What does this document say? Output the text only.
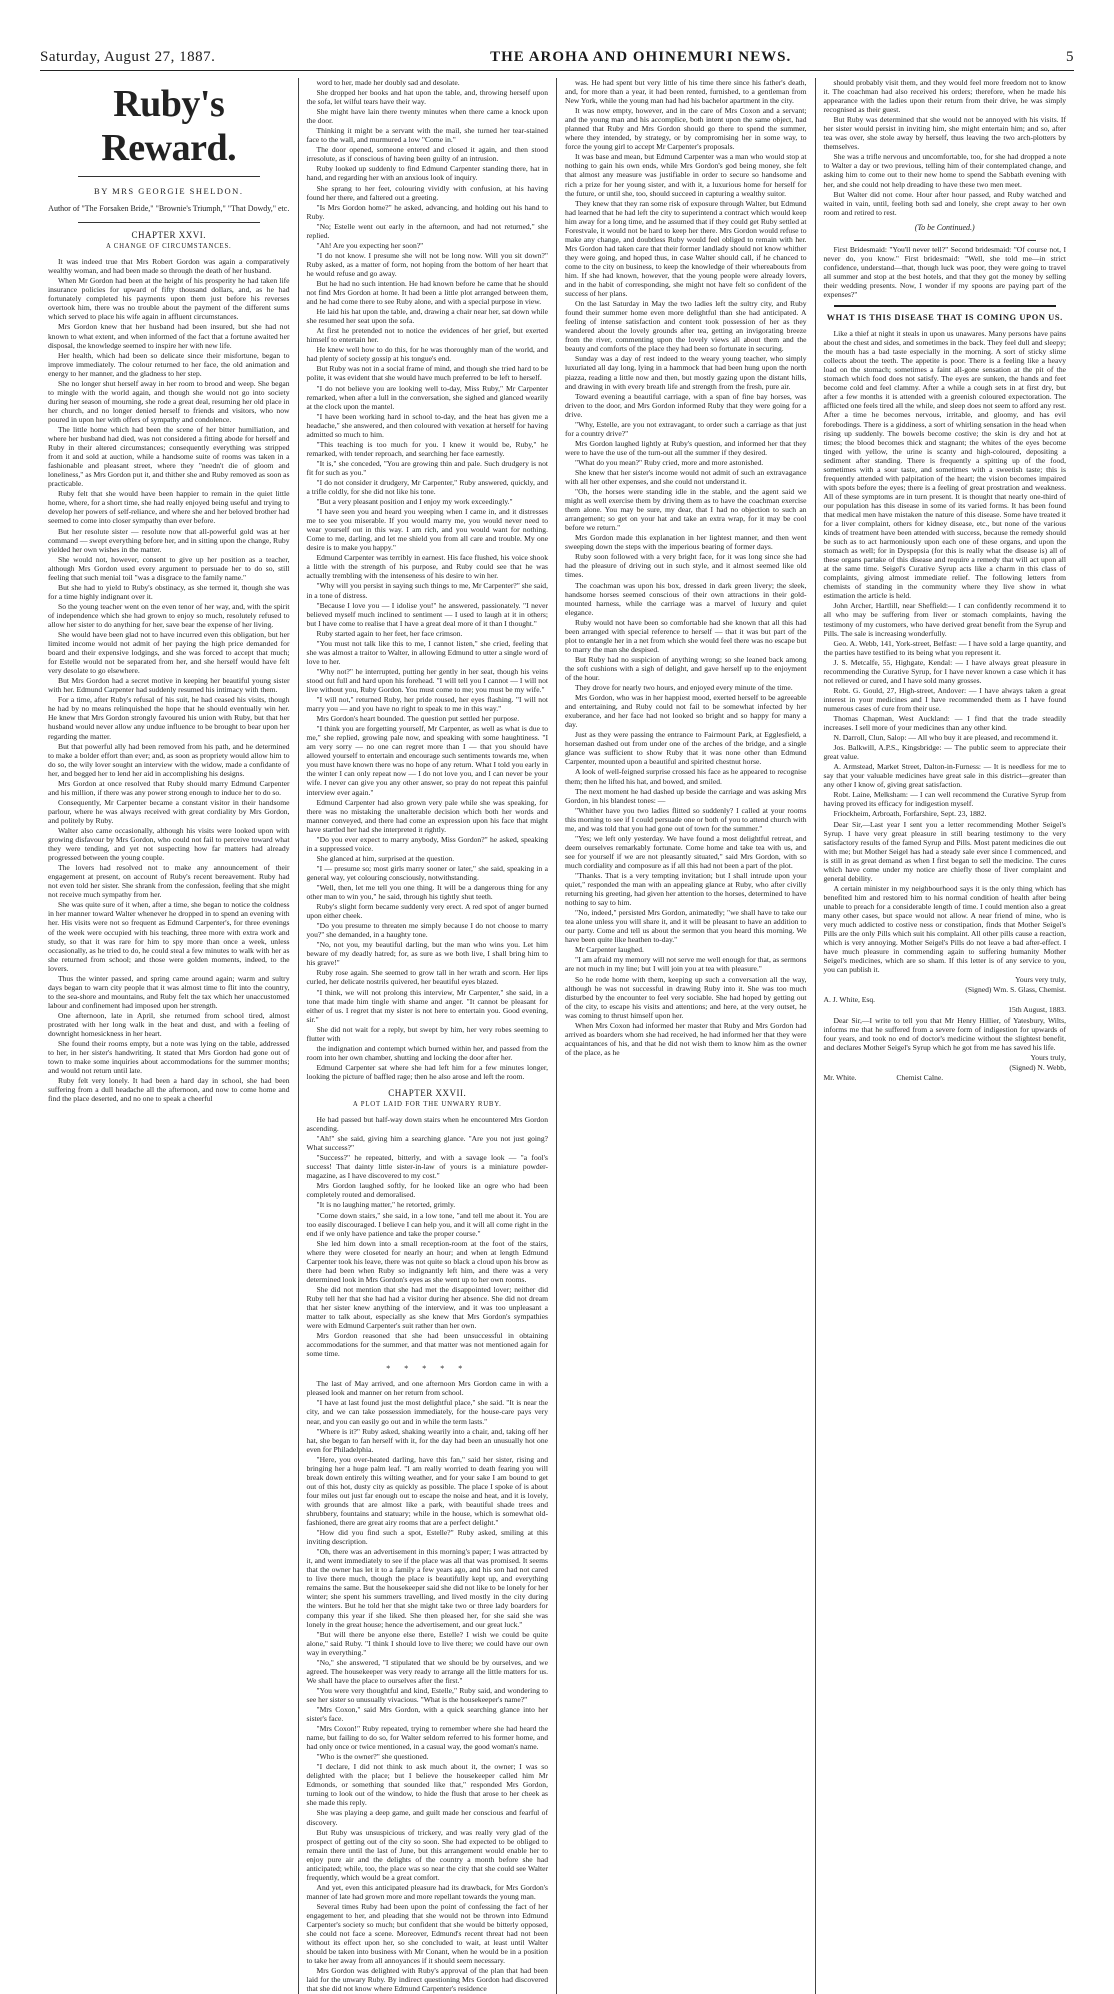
Saturday, August 27, 1887.	THE AROHA AND OHINEMURI NEWS.	5
Ruby's Reward.
BY MRS GEORGIE SHELDON.
Author of "The Forsaken Bride," "Brownie's Triumph," "That Dowdy," etc.
CHAPTER XXVI.
A CHANGE OF CIRCUMSTANCES.

It was indeed true that Mrs Robert Gordon was again a comparatively wealthy woman, and had been made so through the death of her husband.

When Mr Gordon had been at the height of his prosperity he had taken life insurance policies for upward of fifty thousand dollars, and, as he had fortunately completed his payments upon them just before his reverses overtook him, there was no trouble about the payment of the different sums which served to place his wife again in affluent circumstances.

Mrs Gordon knew that her husband had been insured, but she had not known to what extent, and when informed of the fact that a fortune awaited her disposal, the knowledge seemed to inspire her with new life.

Her health, which had been so delicate since their misfortune, began to improve immediately. The colour returned to her face, the old animation and energy to her manner, and the gladness to her step.

She no longer shut herself away in her room to brood and weep. She began to mingle with the world again, and though she would not go into society during her season of mourning, she rode a great deal, resuming her old place in her church, and no longer denied herself to friends and visitors, who now poured in upon her with offers of sympathy and condolence.

The little home which had been the scene of her bitter humiliation, and where her husband had died, was not considered a fitting abode for herself and Ruby in their altered circumstances; consequently everything was stripped from it and sold at auction, while a handsome suite of rooms was taken in a fashionable and pleasant street, where they "needn't die of gloom and loneliness," as Mrs Gordon put it, and thither she and Ruby removed as soon as practicable.

Ruby felt that she would have been happier to remain in the quiet little home, where, for a short time, she had really enjoyed being useful and trying to develop her powers of self-reliance, and where she and her beloved brother had seemed to come into closer sympathy than ever before.

But her resolute sister — resolute now that all-powerful gold was at her command — swept everything before her, and in sitting upon the change, Ruby yielded her own wishes in the matter.

She would not, however, consent to give up her position as a teacher, although Mrs Gordon used every argument to persuade her to do so, still feeling that such menial toil "was a disgrace to the family name."

But she had to yield to Ruby's obstinacy, as she termed it, though she was for a time highly indignant over it.

So the young teacher went on the even tenor of her way, and, with the spirit of independence which she had grown to enjoy so much, resolutely refused to allow her sister to do anything for her, save bear the expense of her living.

She would have been glad not to have incurred even this obligation, but her limited income would not admit of her paying the high price demanded for board and their expensive lodgings, and she was forced to accept that much; for Estelle would not be separated from her, and she herself would have felt very desolate to go elsewhere.

But Mrs Gordon had a secret motive in keeping her beautiful young sister with her. Edmund Carpenter had suddenly resumed his intimacy with them.

For a time, after Ruby's refusal of his suit, he had ceased his visits, though he had by no means relinquished the hope that he should eventually win her. He knew that Mrs Gordon strongly favoured his union with Ruby, but that her husband would never allow any undue influence to be brought to bear upon her regarding the matter.

But that powerful ally had been removed from his path, and he determined to make a bolder effort than ever; and, as soon as propriety would allow him to do so, the wily lover sought an interview with the widow, made a confidante of her, and begged her to lend her aid in accomplishing his designs.

Mrs Gordon at once resolved that Ruby should marry Edmund Carpenter and his million, if there was any power strong enough to induce her to do so.

Consequently, Mr Carpenter became a constant visitor in their handsome parlour, where he was always received with great cordiality by Mrs Gordon, and politely by Ruby.

Walter also came occasionally, although his visits were looked upon with growing disfavour by Mrs Gordon, who could not fail to perceive toward what they were tending, and yet not suspecting how far matters had already progressed between the young couple.

The lovers had resolved not to make any announcement of their engagement at present, on account of Ruby's recent bereavement. Ruby had not even told her sister. She shrank from the confession, feeling that she might not receive much sympathy from her.

She was quite sure of it when, after a time, she began to notice the coldness in her manner toward Walter whenever he dropped in to spend an evening with her. His visits were not so frequent as Edmund Carpenter's, for three evenings of the week were occupied with his teaching, three more with extra work and study, so that it was rare for him to spy more than once a week, unless occasionally, as he tried to do, he could steal a few minutes to walk with her as she returned from school; and those were golden moments, indeed, to the lovers.

Thus the winter passed, and spring came around again; warm and sultry days began to warn city people that it was almost time to flit into the country, to the sea-shore and mountains, and Ruby felt the tax which her unaccustomed labour and confinement had imposed upon her strength.

One afternoon, late in April, she returned from school tired, almost prostrated with her long walk in the heat and dust, and with a feeling of downright homesickness in her heart.

She found their rooms empty, but a note was lying on the table, addressed to her, in her sister's handwriting. It stated that Mrs Gordon had gone out of town to make some inquiries about accommodations for the summer months; and would not return until late.

Ruby felt very lonely. It had been a hard day in school, she had been suffering from a dull headache all the afternoon, and now to come home and find the place deserted, and no one to speak a cheerful

word to her, made her doubly sad and desolate.

She dropped her books and hat upon the table, and, throwing herself upon the sofa, let wilful tears have their way.

She might have lain there twenty minutes when there came a knock upon the door.

Thinking it might be a servant with the mail, she turned her tear-stained face to the wall, and murmured a low "Come in."

The door opened, someone entered and closed it again, and then stood irresolute, as if conscious of having been guilty of an intrusion.

Ruby looked up suddenly to find Edmund Carpenter standing there, hat in hand, and regarding her with an anxious look of inquiry.

She sprang to her feet, colouring vividly with confusion, at his having found her there, and faltered out a greeting.

"Is Mrs Gordon home?" he asked, advancing, and holding out his hand to Ruby.

"No; Estelle went out early in the afternoon, and had not returned," she replied.

"Ah! Are you expecting her soon?"

"I do not know. I presume she will not be long now. Will you sit down?" Ruby asked, as a matter of form, not hoping from the bottom of her heart that he would refuse and go away.

But he had no such intention. He had known before he came that he should not find Mrs Gordon at home. It had been a little plot arranged between them, and he had come there to see Ruby alone, and with a special purpose in view.

He laid his hat upon the table, and, drawing a chair near her, sat down while she resumed her seat upon the sofa.

At first he pretended not to notice the evidences of her grief, but exerted himself to entertain her.

He knew well how to do this, for he was thoroughly man of the world, and had plenty of society gossip at his tongue's end.

But Ruby was not in a social frame of mind, and though she tried hard to be polite, it was evident that she would have much preferred to be left to herself.

"I do not believe you are looking well to-day, Miss Ruby," Mr Carpenter remarked, when after a lull in the conversation, she sighed and glanced wearily at the clock upon the mantel.

"I have been working hard in school to-day, and the heat has given me a headache," she answered, and then coloured with vexation at herself for having admitted so much to him.

"This teaching is too much for you. I knew it would be, Ruby," he remarked, with tender reproach, and searching her face earnestly.

"It is," she conceded, "You are growing thin and pale. Such drudgery is not fit for such as you."

"I do not consider it drudgery, Mr Carpenter," Ruby answered, quickly, and a trifle coldly, for she did not like his tone.

"But a very pleasant position and I enjoy my work exceedingly."

"I have seen you and heard you weeping when I came in, and it distresses me to see you miserable. If you would marry me, you would never need to wear yourself out in this way. I am rich, and you would want for nothing. Come to me, darling, and let me shield you from all care and trouble. My one desire is to make you happy."

Edmund Carpenter was terribly in earnest. His face flushed, his voice shook a little with the strength of his purpose, and Ruby could see that he was actually trembling with the intenseness of his desire to win her.

"Why will you persist in saying such things to me, Mr Carpenter?" she said, in a tone of distress.

"Because I love you — I idolise you!" he answered, passionately. "I never believed myself much inclined to sentiment — I used to laugh at it in others; but I have come to realise that I have a great deal more of it than I thought."

Ruby started again to her feet, her face crimson.

"You must not talk like this to me, I cannot listen," she cried, feeling that she was almost a traitor to Walter, in allowing Edmund to utter a single word of love to her.

"Why not?" he interrupted, putting her gently in her seat, though his veins stood out full and hard upon his forehead. "I will tell you I cannot — I will not live without you, Ruby Gordon. You must come to me; you must be my wife."

"I will not," returned Ruby, her pride roused, her eyes flashing. "I will not marry you — and you have no right to speak to me in this way."

Mrs Gordon's heart bounded. The question put settled her purpose.

"I think you are forgetting yourself, Mr Carpenter, as well as what is due to me," she replied, growing pale now, and speaking with some haughtiness. "I am very sorry — no one can regret more than I — that you should have allowed yourself to entertain and encourage such sentiments towards me, when you must have known there was no hope of any return. What I told you early in the winter I can only repeat now — I do not love you, and I can never be your wife. I never can give you any other answer, so pray do not repeat this painful interview ever again."

Edmund Carpenter had also grown very pale while she was speaking, for there was no mistaking the unalterable decision which both her words and manner conveyed, and there had come an expression upon his face that might have startled her had she interpreted it rightly.

"Do you ever expect to marry anybody, Miss Gordon?" he asked, speaking in a suppressed voice.

She glanced at him, surprised at the question.

"I — presume so; most girls marry sooner or later," she said, speaking in a general way, yet colouring consciously, notwithstanding.

"Well, then, let me tell you one thing. It will be a dangerous thing for any other man to win you," he said, through his tightly shut teeth.

Ruby's slight form became suddenly very erect. A red spot of anger burned upon either cheek.

"Do you presume to threaten me simply because I do not choose to marry you?" she demanded, in a haughty tone.

"No, not you, my beautiful darling, but the man who wins you. Let him beware of my deadly hatred; for, as sure as we both live, I shall bring him to his grave!"

Ruby rose again. She seemed to grow tall in her wrath and scorn. Her lips curled, her delicate nostrils quivered, her beautiful eyes blazed.

"I think, we will not prolong this interview, Mr Carpenter," she said, in a tone that made him tingle with shame and anger. "It cannot be pleasant for either of us. I regret that my sister is not here to entertain you. Good evening, sir."

She did not wait for a reply, but swept by him, her very robes seeming to flutter with

the indignation and contempt which burned within her, and passed from the room into her own chamber, shutting and locking the door after her.

Edmund Carpenter sat where she had left him for a few minutes longer, looking the picture of baffled rage; then he also arose and left the room.

CHAPTER XXVII.
A PLOT LAID FOR THE UNWARY RUBY.

He had passed but half-way down stairs when he encountered Mrs Gordon ascending.

"Ah!" she said, giving him a searching glance. "Are you not just going? What success?"

"Success?" he repeated, bitterly, and with a savage look — "a fool's success! That dainty little sister-in-law of yours is a miniature powder-magazine, as I have discovered to my cost."

Mrs Gordon laughed softly, for he looked like an ogre who had been completely routed and demoralised.

"It is no laughing matter," he retorted, grimly.

"Come down stairs," she said, in a low tone, "and tell me about it. You are too easily discouraged. I believe I can help you, and it will all come right in the end if we only have patience and take the proper course."

She led him down into a small reception-room at the foot of the stairs, where they were closeted for nearly an hour; and when at length Edmund Carpenter took his leave, there was not quite so black a cloud upon his brow as there had been when Ruby so indignantly left him, and there was a very determined look in Mrs Gordon's eyes as she went up to her own rooms.

She did not mention that she had met the disappointed lover; neither did Ruby tell her that she had had a visitor during her absence. She did not dream that her sister knew anything of the interview, and it was too unpleasant a matter to talk about, especially as she knew that Mrs Gordon's sympathies were with Edmund Carpenter's suit rather than her own.

Mrs Gordon reasoned that she had been unsuccessful in obtaining accommodations for the summer, and that matter was not mentioned again for some time.

* * * * *

The last of May arrived, and one afternoon Mrs Gordon came in with a pleased look and manner on her return from school.

"I have at last found just the most delightful place," she said. "It is near the city, and we can take possession immediately, for the house-care pays very near, and you can easily go out and in while the term lasts."

"Where is it?" Ruby asked, shaking wearily into a chair, and, taking off her hat, she began to fan herself with it, for the day had been an unusually hot one even for Philadelphia.

"Here, you over-heated darling, have this fan," said her sister, rising and bringing her a huge palm leaf. "I am really worried to death fearing you will break down entirely this wilting weather, and for your sake I am bound to get out of this hot, dusty city as quickly as possible. The place I spoke of is about four miles out just far enough out to escape the noise and heat, and it is lovely, with grounds that are almost like a park, with beautiful shade trees and shrubbery, fountains and statuary; while in the house, which is somewhat old-fashioned, there are great airy rooms that are a perfect delight."

"How did you find such a spot, Estelle?" Ruby asked, smiling at this inviting description.

"Oh, there was an advertisement in this morning's paper; I was attracted by it, and went immediately to see if the place was all that was promised. It seems that the owner has let it to a family a few years ago, and his son had not cared to live there much, though the place is beautifully kept up, and everything remains the same. But the housekeeper said she did not like to be lonely for her winter; she spent his summers travelling, and lived mostly in the city during the winters. But he told her that she might take two or three lady boarders for company this year if she liked. She then pleased her, for she said she was lonely in the great house; hence the advertisement, and our great luck."

"But will there be anyone else there, Estelle? I wish we could be quite alone," said Ruby. "I think I should love to live there; we could have our own way in everything."

"No," she answered, "I stipulated that we should be by ourselves, and we agreed. The housekeeper was very ready to arrange all the little matters for us. We shall have the place to ourselves after the first."

"You were very thoughtful and kind, Estelle," Ruby said, and wondering to see her sister so unusually vivacious. "What is the housekeeper's name?"

"Mrs Coxon," said Mrs Gordon, with a quick searching glance into her sister's face.

"Mrs Coxon!" Ruby repeated, trying to remember where she had heard the name, but failing to do so, for Walter seldom referred to his former home, and had only once or twice mentioned, in a casual way, the good woman's name.

"Who is the owner?" she questioned.

"I declare, I did not think to ask much about it, the owner; I was so delighted with the place; but I believe the housekeeper called him Mr Edmonds, or something that sounded like that," responded Mrs Gordon, turning to look out of the window, to hide the flush that arose to her cheek as she made this reply.

She was playing a deep game, and guilt made her conscious and fearful of discovery.

But Ruby was unsuspicious of trickery, and was really very glad of the prospect of getting out of the city so soon. She had expected to be obliged to remain there until the last of June, but this arrangement would enable her to enjoy pure air and the delights of the country a month before she had anticipated; while, too, the place was so near the city that she could see Walter frequently, which would be a great comfort.

And yet, even this anticipated pleasure had its drawback, for Mrs Gordon's manner of late had grown more and more repellant towards the young man.

Several times Ruby had been upon the point of confessing the fact of her engagement to her, and pleading that she would not be thrown into Edmund Carpenter's society so much; but confident that she would be bitterly opposed, she could not face a scene. Moreover, Edmund's recent threat had not been without its effect upon her, so she concluded to wait, at least until Walter should be taken into business with Mr Conant, when he would be in a position to take her away from all annoyances if it should seem necessary.

Mrs Gordon was delighted with Ruby's approval of the plan that had been laid for the unwary Ruby. By indirect questioning Mrs Gordon had discovered that she did not know where Edmund Carpenter's residence

was. He had spent but very little of his time there since his father's death, and, for more than a year, it had been rented, furnished, to a gentleman from New York, while the young man had had his bachelor apartment in the city.

It was now empty, however, and in the care of Mrs Coxon and a servant; and the young man and his accomplice, both intent upon the same object, had planned that Ruby and Mrs Gordon should go there to spend the summer, where they intended, by strategy, or by compromising her in some way, to force the young girl to accept Mr Carpenter's proposals.

It was base and mean, but Edmund Carpenter was a man who would stop at nothing to gain his own ends, while Mrs Gordon's god being money, she felt that almost any measure was justifiable in order to secure so handsome and rich a prize for her young sister, and with it, a luxurious home for herself for the future, or until she, too, should succeed in capturing a wealthy suitor.

They knew that they ran some risk of exposure through Walter, but Edmund had learned that he had left the city to superintend a contract which would keep him away for a long time, and he assumed that if they could get Ruby settled at Forestvale, it would not be hard to keep her there. Mrs Gordon would refuse to make any change, and doubtless Ruby would feel obliged to remain with her. Mrs Gordon had taken care that their former landlady should not know whither they were going, and hoped thus, in case Walter should call, if he chanced to come to the city on business, to keep the knowledge of their whereabouts from him. If she had known, however, that the young people were already lovers, and in the habit of corresponding, she might not have felt so confident of the success of her plans.

On the last Saturday in May the two ladies left the sultry city, and Ruby found their summer home even more delightful than she had anticipated. A feeling of intense satisfaction and content took possession of her as they wandered about the lovely grounds after tea, getting an invigorating breeze from the river, commenting upon the lovely views all about them and the beauty and comforts of the place they had been so fortunate in securing.

Sunday was a day of rest indeed to the weary young teacher, who simply luxuriated all day long, lying in a hammock that had been hung upon the north piazza, reading a little now and then, but mostly gazing upon the distant hills, and drawing in with every breath life and strength from the fresh, pure air.

Toward evening a beautiful carriage, with a span of fine bay horses, was driven to the door, and Mrs Gordon informed Ruby that they were going for a drive.

"Why, Estelle, are you not extravagant, to order such a carriage as that just for a country drive?"

Mrs Gordon laughed lightly at Ruby's question, and informed her that they were to have the use of the turn-out all the summer if they desired.

"What do you mean?" Ruby cried, more and more astonished.

She knew that her sister's income would not admit of such an extravagance with all her other expenses, and she could not understand it.

"Oh, the horses were standing idle in the stable, and the agent said we might as well exercise them by driving them as to have the coachman exercise them alone. You may be sure, my dear, that I had no objection to such an arrangement; so get on your hat and take an extra wrap, for it may be cool before we return."

Mrs Gordon made this explanation in her lightest manner, and then went sweeping down the steps with the imperious bearing of former days.

Ruby soon followed with a very bright face, for it was long since she had had the pleasure of driving out in such style, and it almost seemed like old times.

The coachman was upon his box, dressed in dark green livery; the sleek, handsome horses seemed conscious of their own attractions in their gold-mounted harness, while the carriage was a marvel of luxury and quiet elegance.

Ruby would not have been so comfortable had she known that all this had been arranged with special reference to herself — that it was but part of the plot to entangle her in a net from which she would feel there was no escape but to marry the man she despised.

But Ruby had no suspicion of anything wrong; so she leaned back among the soft cushions with a sigh of delight, and gave herself up to the enjoyment of the hour.

They drove for nearly two hours, and enjoyed every minute of the time.

Mrs Gordon, who was in her happiest mood, exerted herself to be agreeable and entertaining, and Ruby could not fail to be somewhat infected by her exuberance, and her face had not looked so bright and so happy for many a day.

Just as they were passing the entrance to Fairmount Park, at Egglesfield, a horseman dashed out from under one of the arches of the bridge, and a single glance was sufficient to show Ruby that it was none other than Edmund Carpenter, mounted upon a beautiful and spirited chestnut horse.

A look of well-feigned surprise crossed his face as he appeared to recognise them; then he lifted his hat, and bowed, and smiled.

The next moment he had dashed up beside the carriage and was asking Mrs Gordon, in his blandest tones: —

"Whither have you two ladies flitted so suddenly? I called at your rooms this morning to see if I could persuade one or both of you to attend church with me, and was told that you had gone out of town for the summer."

"Yes; we left only yesterday. We have found a most delightful retreat, and deem ourselves remarkably fortunate. Come home and take tea with us, and see for yourself if we are not pleasantly situated," said Mrs Gordon, with so much cordiality and composure as if all this had not been a part of the plot.

"Thanks. That is a very tempting invitation; but I shall intrude upon your quiet," responded the man with an appealing glance at Ruby, who after civilly returning his greeting, had given her attention to the horses, determined to have nothing to say to him.

"No, indeed," persisted Mrs Gordon, animatedly; "we shall have to take our tea alone unless you will share it, and it will be pleasant to have an addition to our party. Come and tell us about the sermon that you heard this morning. We have been quite like heathen to-day."

Mr Carpenter laughed.

"I am afraid my memory will not serve me well enough for that, as sermons are not much in my line; but I will join you at tea with pleasure."

So he rode home with them, keeping up such a conversation all the way, although he was not successful in drawing Ruby into it. She was too much disturbed by the encounter to feel very sociable. She had hoped by getting out of the city, to escape his visits and attentions; and here, at the very outset, he was coming to thrust himself upon her.

When Mrs Coxon had informed her master that Ruby and Mrs Gordon had arrived as boarders whom she had received, he had informed her that they were acquaintances of his, and that he did not wish them to know him as the owner of the place, as he

should probably visit them, and they would feel more freedom not to know it. The coachman had also received his orders; therefore, when he made his appearance with the ladies upon their return from their drive, he was simply recognised as their guest.

But Ruby was determined that she would not be annoyed with his visits. If her sister would persist in inviting him, she might entertain him; and so, after tea was over, she stole away by herself, thus leaving the two arch-plotters by themselves.

She was a trifle nervous and uncomfortable, too, for she had dropped a note to Walter a day or two previous, telling him of their contemplated change, and asking him to come out to their new home to spend the Sabbath evening with her, and she could not help dreading to have these two men meet.

But Walter did not come. Hour after hour passed, and Ruby watched and waited in vain, until, feeling both sad and lonely, she crept away to her own room and retired to rest.

(To be Continued.)

First Bridesmaid: "You'll never tell?" Second bridesmaid: "Of course not, I never do, you know." First bridesmaid: "Well, she told me—in strict confidence, understand—that, though luck was poor, they were going to travel all summer and stop at the best hotels, and that they got the money by selling their wedding presents. Now, I wonder if my spoons are paying part of the expenses?"

WHAT IS THIS DISEASE THAT IS COMING UPON US.

Like a thief at night it steals in upon us unawares. Many persons have pains about the chest and sides, and sometimes in the back. They feel dull and sleepy; the mouth has a bad taste especially in the morning. A sort of sticky slime collects about the teeth. The appetite is poor. There is a feeling like a heavy load on the stomach; sometimes a faint all-gone sensation at the pit of the stomach which food does not satisfy. The eyes are sunken, the hands and feet become cold and feel clammy. After a while a cough sets in at first dry, but after a few months it is attended with a greenish coloured expectoration. The afflicted one feels tired all the while, and sleep does not seem to afford any rest. After a time he becomes nervous, irritable, and gloomy, and has evil forebodings. There is a giddiness, a sort of whirling sensation in the head when rising up suddenly. The bowels become costive; the skin is dry and hot at times; the blood becomes thick and stagnant; the whites of the eyes become tinged with yellow, the urine is scanty and high-coloured, depositing a sediment after standing. There is frequently a spitting up of the food, sometimes with a sour taste, and sometimes with a sweetish taste; this is frequently attended with palpitation of the heart; the vision becomes impaired with spots before the eyes; there is a feeling of great prostration and weakness. All of these symptoms are in turn present. It is thought that nearly one-third of our population has this disease in some of its varied forms. It has been found that medical men have mistaken the nature of this disease. Some have treated it for a liver complaint, others for kidney disease, etc., but none of the various kinds of treatment have been attended with success, because the remedy should be such as to act harmoniously upon each one of these organs, and upon the stomach as well; for in Dyspepsia (for this is really what the disease is) all of these organs partake of this disease and require a remedy that will act upon all at the same time. Seigel's Curative Syrup acts like a charm in this class of complaints, giving almost immediate relief. The following letters from chemists of standing in the community where they live show in what estimation the article is held.

John Archer, Hartlill, near Sheffield:— I can confidently recommend it to all who may be suffering from liver or stomach complaints, having the testimony of my customers, who have derived great benefit from the Syrup and Pills. The sale is increasing wonderfully.

Geo. A. Webb, 141, York-street, Belfast: — I have sold a large quantity, and the parties have testified to its being what you represent it.

J. S. Metcalfe, 55, Highgate, Kendal: — I have always great pleasure in recommending the Curative Syrup, for I have never known a case which it has not relieved or cured, and I have sold many grosses.

Robt. G. Gould, 27, High-street, Andover: — I have always taken a great interest in your medicines and I have recommended them as I have found numerous cases of cure from their use.

Thomas Chapman, West Auckland: — I find that the trade steadily increases. I sell more of your medicines than any other kind.

N. Darroll, Clun, Salop: — All who buy it are pleased, and recommend it.

Jos. Balkwill, A.P.S., Kingsbridge: — The public seem to appreciate their great value.

A. Armstead, Market Street, Dalton-in-Furness: — It is needless for me to say that your valuable medicines have great sale in this district—greater than any other I know of, giving great satisfaction.

Robt. Laine, Melksham: — I can well recommend the Curative Syrup from having proved its efficacy for indigestion myself.

Friockheim, Arbroath, Forfarshire, Sept. 23, 1882.

Dear Sir,—Last year I sent you a letter recommending Mother Seigel's Syrup. I have very great pleasure in still bearing testimony to the very satisfactory results of the famed Syrup and Pills. Most patent medicines die out with me; but Mother Seigel has had a steady sale ever since I commenced, and is still in as great demand as when I first began to sell the medicine. The cures which have come under my notice are chiefly those of liver complaint and general debility.

A certain minister in my neighbourhood says it is the only thing which has benefited him and restored him to his normal condition of health after being unable to preach for a considerable length of time. I could mention also a great many other cases, but space would not allow. A near friend of mine, who is very much addicted to costive ness or constipation, finds that Mother Seigel's Pills are the only Pills which suit his complaint. All other pills cause a reaction, which is very annoying. Mother Seigel's Pills do not leave a bad after-effect. I have much pleasure in commending again to suffering humanity Mother Seigel's medicines, which are so sham. If this letter is of any service to you, you can publish it.

Yours very truly,
(Signed) Wm. S. Glass, Chemist.
A. J. White, Esq.
15th August, 1883.

Dear Sir,—I write to tell you that Mr Henry Hillier, of Yatesbury, Wilts, informs me that he suffered from a severe form of indigestion for upwards of four years, and took no end of doctor's medicine without the slightest benefit, and declares Mother Seigel's Syrup which he got from me has saved his life.

Yours truly,
(Signed) N. Webb,
Mr. White.	Chemist Calne.
